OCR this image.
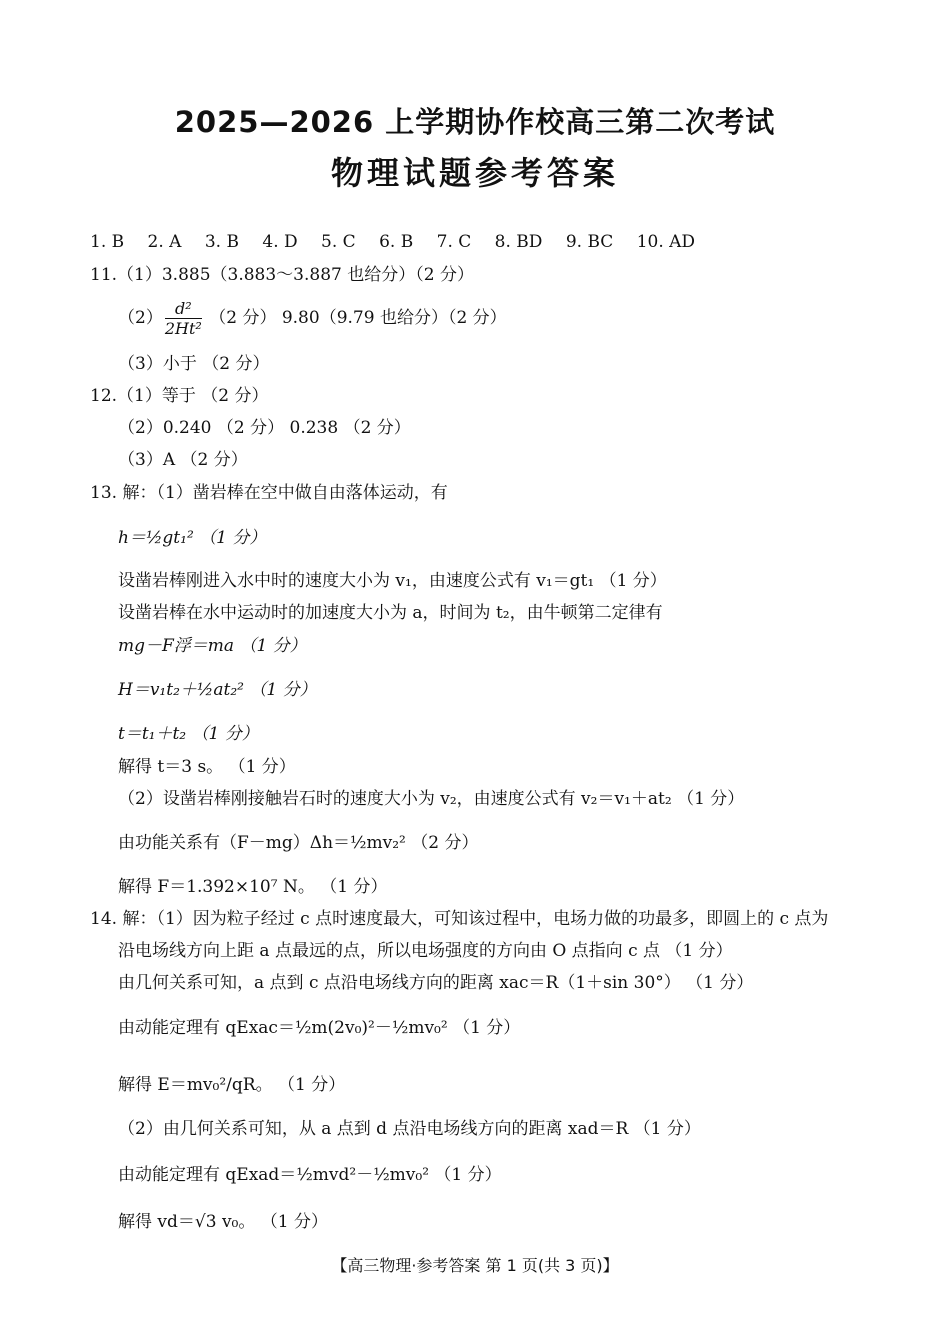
2025—2026 上学期协作校高三第二次考试
物理试题参考答案
1. B 2. A 3. B 4. D 5. C 6. B 7. C 8. BD 9. BC 10. AD
11.（1）3.885（3.883～3.887 也给分）（2 分）
$(2) \frac{\text{d²}}{\text{2Ht²}} (2$ 分） 9.80（9.79 也给分）（2 分）
（3）小于 （2 分）
12.（1）等于 （2 分）
（2）0.240 （2 分） 0.238 （2 分）
（3）A （2 分）
13. 解：（1）凿岩棒在空中做自由落体运动，有
h＝½gt₁² （1 分）
设凿岩棒刚进入水中时的速度大小为 v₁，由速度公式有 v₁＝gt₁ （1 分）
设凿岩棒在水中运动时的加速度大小为 a，时间为 t₂，由牛顿第二定律有
mg－F浮＝ma （1 分）
H＝v₁t₂＋½at₂² （1 分）
t＝t₁＋t₂ （1 分）
解得 t＝3 s。 （1 分）
（2）设凿岩棒刚接触岩石时的速度大小为 v₂，由速度公式有 v₂＝v₁＋at₂ （1 分）
由功能关系有（F－mg）Δh＝½mv₂² （2 分）
解得 F＝1.392×10⁷ N。 （1 分）
14. 解：（1）因为粒子经过 c 点时速度最大，可知该过程中，电场力做的功最多，即圆上的 c 点为
沿电场线方向上距 a 点最远的点，所以电场强度的方向由 O 点指向 c 点 （1 分）
由几何关系可知，a 点到 c 点沿电场线方向的距离 xac＝R（1＋sin 30°） （1 分）
由动能定理有 qExac＝½m(2v₀)²－½mv₀² （1 分）
解得 E＝mv₀²/qR。 （1 分）
（2）由几何关系可知，从 a 点到 d 点沿电场线方向的距离 xad＝R （1 分）
由动能定理有 qExad＝½mvd²－½mv₀² （1 分）
解得 vd＝√3 v₀。 （1 分）
【高三物理·参考答案 第 1 页(共 3 页)】
